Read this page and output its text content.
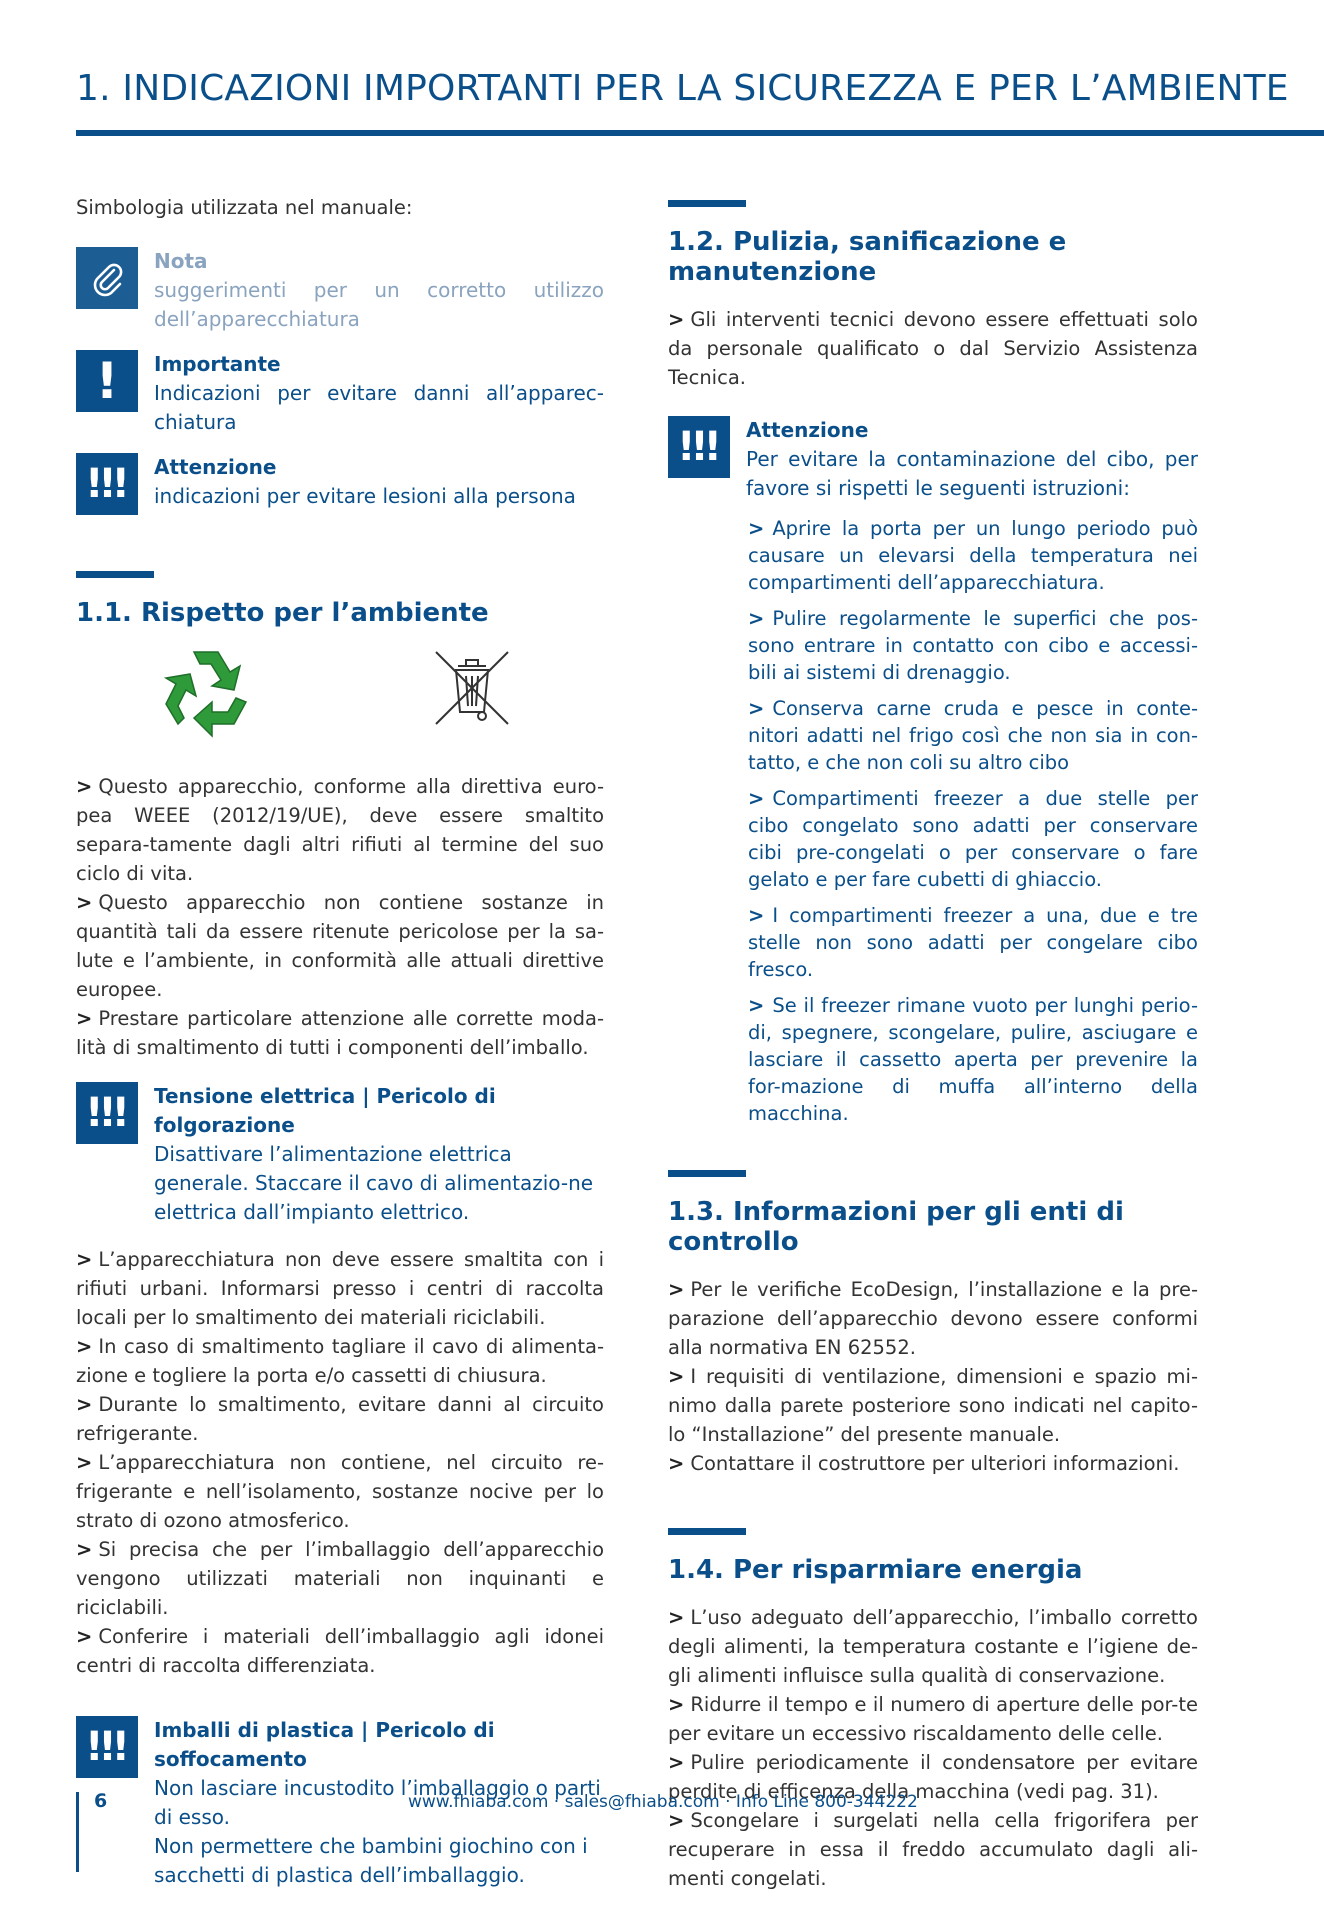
1. INDICAZIONI IMPORTANTI PER LA SICUREZZA E PER L’AMBIENTE
Simbologia utilizzata nel manuale:
Nota
suggerimenti per un corretto utilizzo dell’apparecchiatura
!	Importante
Indicazioni per evitare danni all’apparec-chiatura
!!!	Attenzione
indicazioni per evitare lesioni alla persona
1.1. Rispetto per l’ambiente
> Questo apparecchio, conforme alla direttiva euro-pea WEEE (2012/19/UE), deve essere smaltito separa-tamente dagli altri rifiuti al termine del suo ciclo di vita.
> Questo apparecchio non contiene sostanze in quantità tali da essere ritenute pericolose per la sa-lute e l’ambiente, in conformità alle attuali direttive europee.
> Prestare particolare attenzione alle corrette moda-lità di smaltimento di tutti i componenti dell’imballo.
!!!	Tensione elettrica | Pericolo di folgorazione
Disattivare l’alimentazione elettrica generale. Staccare il cavo di alimentazio-ne elettrica dall’impianto elettrico.
> L’apparecchiatura non deve essere smaltita con i rifiuti urbani. Informarsi presso i centri di raccolta locali per lo smaltimento dei materiali riciclabili.
> In caso di smaltimento tagliare il cavo di alimenta-zione e togliere la porta e/o cassetti di chiusura.
> Durante lo smaltimento, evitare danni al circuito refrigerante.
> L’apparecchiatura non contiene, nel circuito re-frigerante e nell’isolamento, sostanze nocive per lo strato di ozono atmosferico.
> Si precisa che per l’imballaggio dell’apparecchio vengono utilizzati materiali non inquinanti e riciclabili.
> Conferire i materiali dell’imballaggio agli idonei centri di raccolta differenziata.
!!!	Imballi di plastica | Pericolo di soffocamento
Non lasciare incustodito l’imballaggio o parti di esso.
Non permettere che bambini giochino con i sacchetti di plastica dell’imballaggio.
1.2. Pulizia, sanificazione e manutenzione
> Gli interventi tecnici devono essere effettuati solo da personale qualificato o dal Servizio Assistenza Tecnica.
!!!	Attenzione
Per evitare la contaminazione del cibo, per favore si rispetti le seguenti istruzioni:
> Aprire la porta per un lungo periodo può causare un elevarsi della temperatura nei compartimenti dell’apparecchiatura.
> Pulire regolarmente le superfici che pos-sono entrare in contatto con cibo e accessi-bili ai sistemi di drenaggio.
> Conserva carne cruda e pesce in conte-nitori adatti nel frigo così che non sia in con-tatto, e che non coli su altro cibo
> Compartimenti freezer a due stelle per cibo congelato sono adatti per conservare cibi pre-congelati o per conservare o fare gelato e per fare cubetti di ghiaccio.
> I compartimenti freezer a una, due e tre stelle non sono adatti per congelare cibo fresco.
> Se il freezer rimane vuoto per lunghi perio-di, spegnere, scongelare, pulire, asciugare e lasciare il cassetto aperta per prevenire la for-mazione di muffa all’interno della macchina.
1.3. Informazioni per gli enti di controllo
> Per le verifiche EcoDesign, l’installazione e la pre-parazione dell’apparecchio devono essere conformi alla normativa EN 62552.
> I requisiti di ventilazione, dimensioni e spazio mi-nimo dalla parete posteriore sono indicati nel capito-lo “Installazione” del presente manuale.
> Contattare il costruttore per ulteriori informazioni.
1.4. Per risparmiare energia
> L’uso adeguato dell’apparecchio, l’imballo corretto degli alimenti, la temperatura costante e l’igiene de-gli alimenti influisce sulla qualità di conservazione.
> Ridurre il tempo e il numero di aperture delle por-te per evitare un eccessivo riscaldamento delle celle.
> Pulire periodicamente il condensatore per evitare perdite di efficenza della macchina (vedi pag. 31).
> Scongelare i surgelati nella cella frigorifera per recuperare in essa il freddo accumulato dagli ali-menti congelati.
6	www.fhiaba.com · sales@fhiaba.com · Info Line 800-344222
